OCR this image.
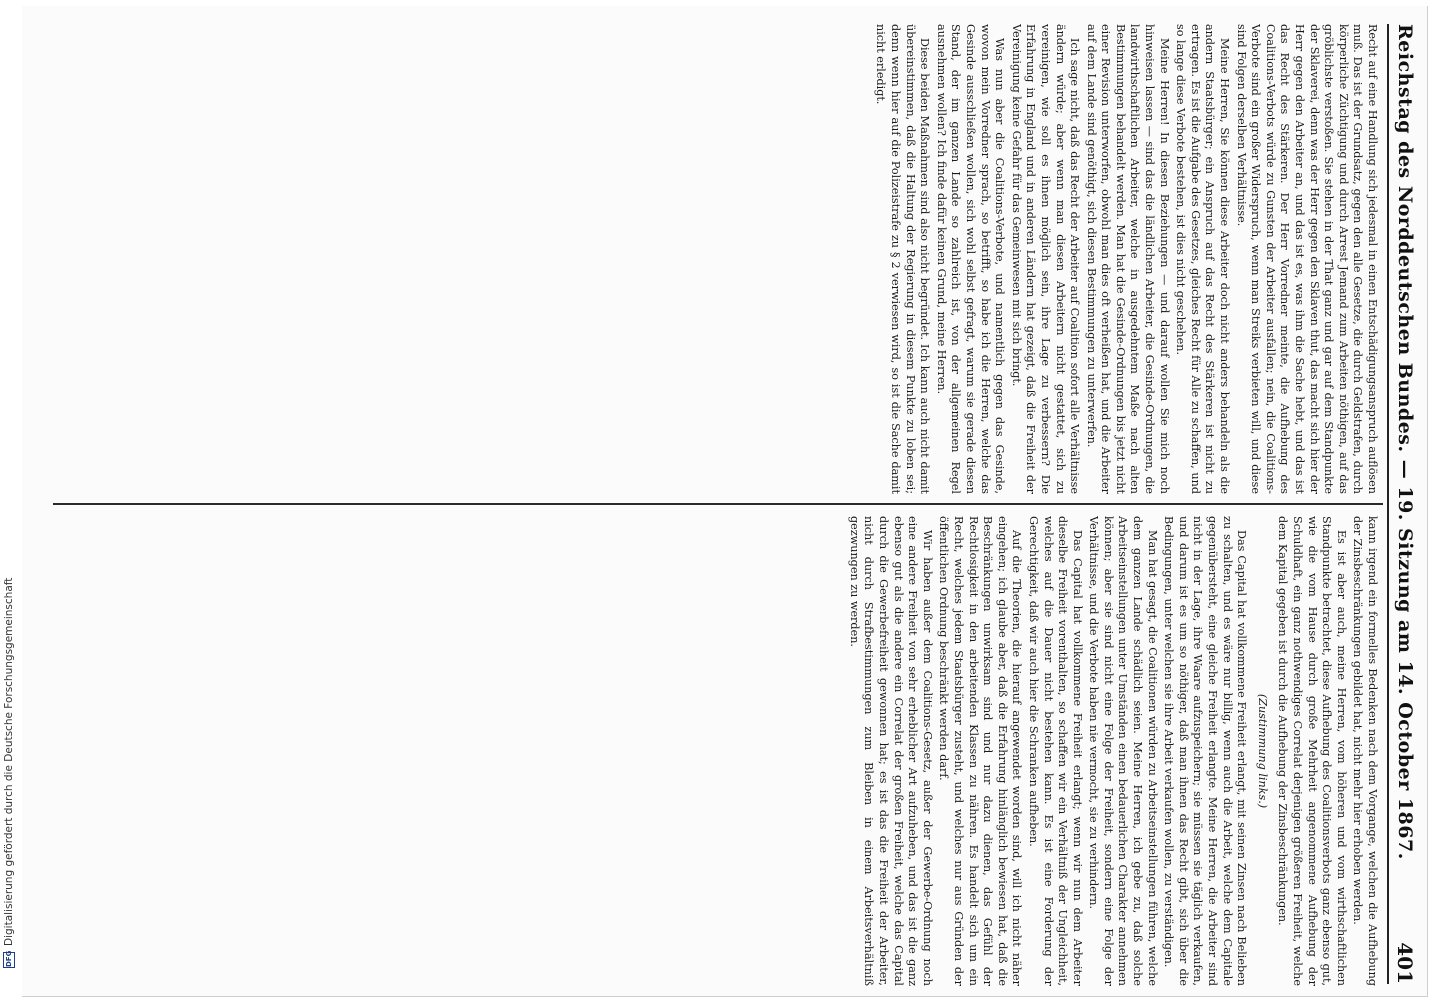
DFG
Digitalisierung gefördert durch die Deutsche Forschungsgemeinschaft	Reichstag des Norddeutschen Bundes. — 19. Sitzung am 14. October 1867.
401

Recht auf eine Handlung sich jedesmal in einen Entschädigungsanspruch auflösen muß. Das ist der Grundsatz, gegen den alle Gesetze, die durch Geldstrafen, durch körperliche Züchtigung und durch Arrest Jemand zum Arbeiten nöthigen, auf das gröblichste verstoßen. Sie stehen in der That ganz und gar auf dem Standpunkte der Sklaverei, denn was der Herr gegen den Sklaven thut, das macht sich hier der Herr gegen den Arbeiter an, und das ist es, was ihm die Sache hebt, und das ist das Recht des Stärkeren. Der Herr Vorredner meinte, die Aufhebung des Coalitions-Verbots würde zu Gunsten der Arbeiter ausfallen; nein, die Coalitions-Verbote sind ein großer Widerspruch, wenn man Streiks verbieten will, und diese sind Folgen derselben Verhältnisse.

Meine Herren, Sie können diese Arbeiter doch nicht anders behandeln als die andern Staatsbürger; ein Anspruch auf das Recht des Stärkeren ist nicht zu ertragen. Es ist die Aufgabe des Gesetzes, gleiches Recht für Alle zu schaffen, und so lange diese Verbote bestehen, ist dies nicht geschehen.

Meine Herren! In diesen Beziehungen — und darauf wollen Sie mich noch hinweisen lassen — sind das die ländlichen Arbeiter, die Gesinde-Ordnungen, die landwirthschaftlichen Arbeiter, welche in ausgedehntem Maße nach alten Bestimmungen behandelt werden. Man hat die Gesinde-Ordnungen bis jetzt nicht einer Revision unterworfen, obwohl man dies oft verheißen hat, und die Arbeiter auf dem Lande sind genöthigt, sich diesen Bestimmungen zu unterwerfen.

Ich sage nicht, daß das Recht der Arbeiter auf Coalition sofort alle Verhältnisse ändern würde; aber wenn man diesen Arbeitern nicht gestattet, sich zu vereinigen, wie soll es ihnen möglich sein, ihre Lage zu verbessern? Die Erfahrung in England und in anderen Ländern hat gezeigt, daß die Freiheit der Vereinigung keine Gefahr für das Gemeinwesen mit sich bringt.

Was nun aber die Coalitions-Verbote, und namentlich gegen das Gesinde, wovon mein Vorredner sprach, so betrifft, so habe ich die Herren, welche das Gesinde ausschließen wollen, sich wohl selbst gefragt, warum sie gerade diesen Stand, der im ganzen Lande so zahlreich ist, von der allgemeinen Regel ausnehmen wollen? Ich finde dafür keinen Grund, meine Herren.

Diese beiden Maßnahmen sind also nicht begründet. Ich kann auch nicht damit übereinstimmen, daß die Haltung der Regierung in diesem Punkte zu loben sei; denn wenn hier auf die Polizeistrafe zu § 2 verwiesen wird, so ist die Sache damit nicht erledigt.

kann irgend ein formelles Bedenken nach dem Vorgange, welchen die Aufhebung der Zinsbeschränkungen gebildet hat, nicht mehr hier erhoben werden.

Es ist aber auch, meine Herren, vom höheren und vom wirthschaftlichen Standpunkte betrachtet, diese Aufhebung des Coalitionsverbots ganz ebenso gut, wie die vom Hause durch große Mehrheit angenommene Aufhebung der Schuldhaft, ein ganz nothwendiges Correlat derjenigen größeren Freiheit, welche dem Kapital gegeben ist durch die Aufhebung der Zinsbeschränkungen.

(Zustimmung links.)

Das Capital hat vollkommene Freiheit erlangt, mit seinen Zinsen nach Belieben zu schalten, und es wäre nur billig, wenn auch die Arbeit, welche dem Capitale gegenübersteht, eine gleiche Freiheit erlangte. Meine Herren, die Arbeiter sind nicht in der Lage, ihre Waare aufzuspeichern; sie müssen sie täglich verkaufen, und darum ist es um so nöthiger, daß man ihnen das Recht gibt, sich über die Bedingungen, unter welchen sie ihre Arbeit verkaufen wollen, zu verständigen.

Man hat gesagt, die Coalitionen würden zu Arbeitseinstellungen führen, welche dem ganzen Lande schädlich seien. Meine Herren, ich gebe zu, daß solche Arbeitseinstellungen unter Umständen einen bedauerlichen Charakter annehmen können; aber sie sind nicht eine Folge der Freiheit, sondern eine Folge der Verhältnisse, und die Verbote haben nie vermocht, sie zu verhindern.

Das Capital hat vollkommene Freiheit erlangt; wenn wir nun dem Arbeiter dieselbe Freiheit vorenthalten, so schaffen wir ein Verhältniß der Ungleichheit, welches auf die Dauer nicht bestehen kann. Es ist eine Forderung der Gerechtigkeit, daß wir auch hier die Schranken aufheben.

Auf die Theorien, die hierauf angewendet worden sind, will ich nicht näher eingehen; ich glaube aber, daß die Erfahrung hinlänglich bewiesen hat, daß die Beschränkungen unwirksam sind und nur dazu dienen, das Gefühl der Rechtlosigkeit in den arbeitenden Klassen zu nähren. Es handelt sich um ein Recht, welches jedem Staatsbürger zusteht, und welches nur aus Gründen der öffentlichen Ordnung beschränkt werden darf.

Wir haben außer dem Coalitions-Gesetz, außer der Gewerbe-Ordnung noch eine andere Freiheit von sehr erheblicher Art aufzuheben, und das ist die ganz ebenso gut als die andere ein Correlat der großen Freiheit, welche das Capital durch die Gewerbefreiheit gewonnen hat; es ist das die Freiheit der Arbeiter, nicht durch Strafbestimmungen zum Bleiben in einem Arbeitsverhältniß gezwungen zu werden.
